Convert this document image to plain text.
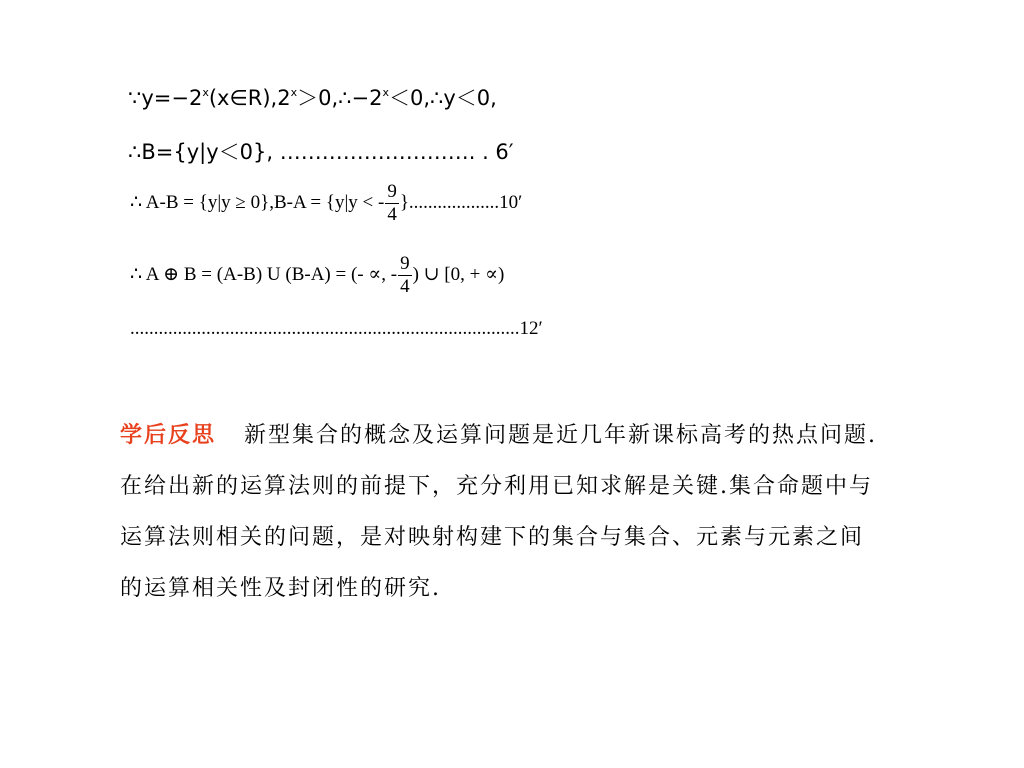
$\because y=-2^x(x\in R),2^x>0,\therefore-2^x<0,\therefore y<0$,
∴B={y|y＜0}, ………………………. . 6′
∴ A-B = {y|y ≥ 0},B-A = {y|y < - $\frac{9}{4} \}...................10'$
∴ A ⊕ B = (A-B) U (B-A) = (- ∝, - $\frac{9}{4}$ ) ∪ [0, + ∝)
..................................................................................12′
学后反思 新型集合的概念及运算问题是近几年新课标高考的热点问题.在给出新的运算法则的前提下，充分利用已知求解是关键.集合命题中与运算法则相关的问题，是对映射构建下的集合与集合、元素与元素之间的运算相关性及封闭性的研究.
